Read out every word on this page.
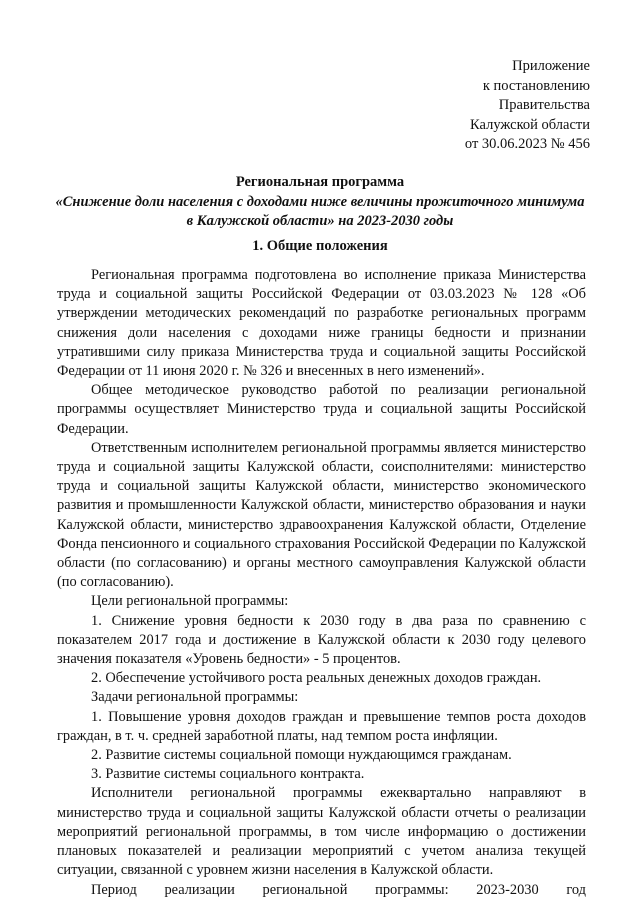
Приложение
к постановлению
Правительства
Калужской области
от 30.06.2023 № 456
Региональная программа
«Снижение доли населения с доходами ниже величины прожиточного минимума
в Калужской области» на 2023-2030 годы
1. Общие положения

Региональная программа подготовлена во исполнение приказа Министерства труда и социальной защиты Российской Федерации от 03.03.2023 № 128 «Об утверждении методических рекомендаций по разработке региональных программ снижения доли населения с доходами ниже границы бедности и признании утратившими силу приказа Министерства труда и социальной защиты Российской Федерации от 11 июня 2020 г. № 326 и внесенных в него изменений».

Общее методическое руководство работой по реализации региональной программы осуществляет Министерство труда и социальной защиты Российской Федерации.

Ответственным исполнителем региональной программы является министерство труда и социальной защиты Калужской области, соисполнителями: министерство труда и социальной защиты Калужской области, министерство экономического развития и промышленности Калужской области, министерство образования и науки Калужской области, министерство здравоохранения Калужской области, Отделение Фонда пенсионного и социального страхования Российской Федерации по Калужской области (по согласованию) и органы местного самоуправления Калужской области (по согласованию).

Цели региональной программы:

1. Снижение уровня бедности к 2030 году в два раза по сравнению с показателем 2017 года и достижение в Калужской области к 2030 году целевого значения показателя «Уровень бедности» - 5 процентов.

2. Обеспечение устойчивого роста реальных денежных доходов граждан.

Задачи региональной программы:

1. Повышение уровня доходов граждан и превышение темпов роста доходов граждан, в т. ч. средней заработной платы, над темпом роста инфляции.

2. Развитие системы социальной помощи нуждающимся гражданам.

3. Развитие системы социального контракта.

Исполнители региональной программы ежеквартально направляют в министерство труда и социальной защиты Калужской области отчеты о реализации мероприятий региональной программы, в том числе информацию о достижении плановых показателей и реализации мероприятий с учетом анализа текущей ситуации, связанной с уровнем жизни населения в Калужской области.

Период реализации региональной программы: 2023-2030 год
